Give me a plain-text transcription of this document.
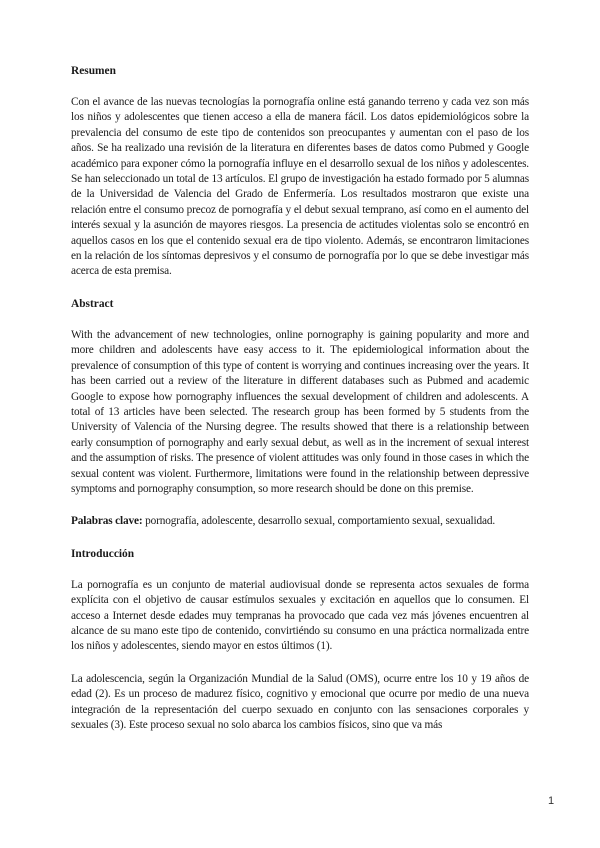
Resumen

Con el avance de las nuevas tecnologías la pornografía online está ganando terreno y cada vez son más los niños y adolescentes que tienen acceso a ella de manera fácil. Los datos epidemiológicos sobre la prevalencia del consumo de este tipo de contenidos son preocupantes y aumentan con el paso de los años. Se ha realizado una revisión de la literatura en diferentes bases de datos como Pubmed y Google académico para exponer cómo la pornografía influye en el desarrollo sexual de los niños y adolescentes. Se han seleccionado un total de 13 artículos. El grupo de investigación ha estado formado por 5 alumnas de la Universidad de Valencia del Grado de Enfermería. Los resultados mostraron que existe una relación entre el consumo precoz de pornografía y el debut sexual temprano, así como en el aumento del interés sexual y la asunción de mayores riesgos. La presencia de actitudes violentas solo se encontró en aquellos casos en los que el contenido sexual era de tipo violento. Además, se encontraron limitaciones en la relación de los síntomas depresivos y el consumo de pornografía por lo que se debe investigar más acerca de esta premisa.

Abstract

With the advancement of new technologies, online pornography is gaining popularity and more and more children and adolescents have easy access to it. The epidemiological information about the prevalence of consumption of this type of content is worrying and continues increasing over the years. It has been carried out a review of the literature in different databases such as Pubmed and academic Google to expose how pornography influences the sexual development of children and adolescents. A total of 13 articles have been selected. The research group has been formed by 5 students from the University of Valencia of the Nursing degree. The results showed that there is a relationship between early consumption of pornography and early sexual debut, as well as in the increment of sexual interest and the assumption of risks. The presence of violent attitudes was only found in those cases in which the sexual content was violent. Furthermore, limitations were found in the relationship between depressive symptoms and pornography consumption, so more research should be done on this premise.

Palabras clave: pornografía, adolescente, desarrollo sexual, comportamiento sexual, sexualidad.

Introducción

La pornografía es un conjunto de material audiovisual donde se representa actos sexuales de forma explícita con el objetivo de causar estímulos sexuales y excitación en aquellos que lo consumen. El acceso a Internet desde edades muy tempranas ha provocado que cada vez más jóvenes encuentren al alcance de su mano este tipo de contenido, convirtiéndo su consumo en una práctica normalizada entre los niños y adolescentes, siendo mayor en estos últimos (1).

La adolescencia, según la Organización Mundial de la Salud (OMS), ocurre entre los 10 y 19 años de edad (2). Es un proceso de madurez físico, cognitivo y emocional que ocurre por medio de una nueva integración de la representación del cuerpo sexuado en conjunto con las sensaciones corporales y sexuales (3). Este proceso sexual no solo abarca los cambios físicos, sino que va más

1
